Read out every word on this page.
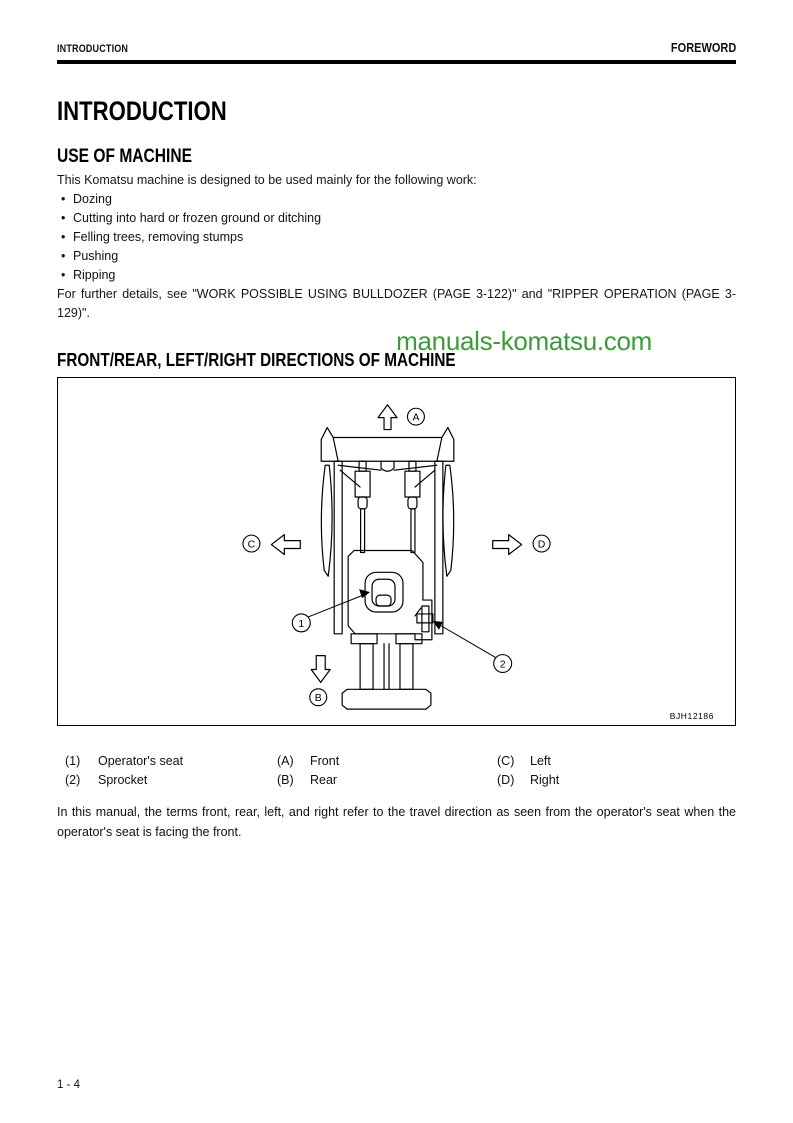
INTRODUCTION	FOREWORD
INTRODUCTION
USE OF MACHINE

This Komatsu machine is designed to be used mainly for the following work:

• Dozing
• Cutting into hard or frozen ground or ditching
• Felling trees, removing stumps
• Pushing
• Ripping

For further details, see "WORK POSSIBLE USING BULLDOZER (PAGE 3-122)" and "RIPPER OPERATION (PAGE 3-129)".

manuals-komatsu.com
FRONT/REAR, LEFT/RIGHT DIRECTIONS OF MACHINE
A
B
C	D
1
2
BJH12186
(1)	Operator's seat	(A)	Front	(C)	Left
(2)	Sprocket	(B)	Rear	(D)	Right

In this manual, the terms front, rear, left, and right refer to the travel direction as seen from the operator's seat when the operator's seat is facing the front.

1 - 4
